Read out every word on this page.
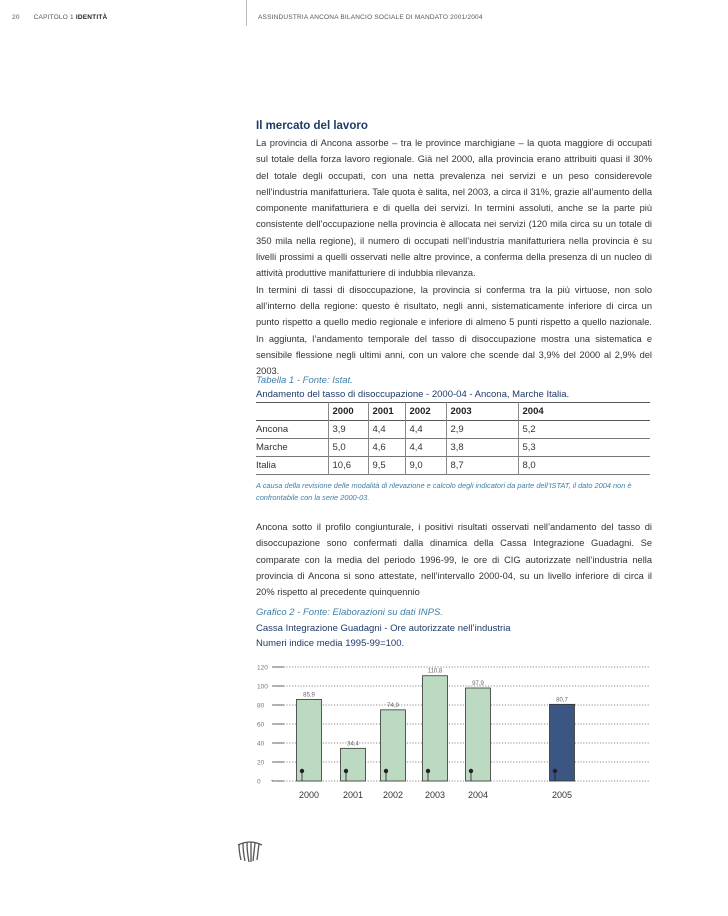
20 CAPITOLO 1 IDENTITÀ	ASSINDUSTRIA ANCONA BILANCIO SOCIALE DI MANDATO 2001/2004
Il mercato del lavoro

La provincia di Ancona assorbe – tra le province marchigiane – la quota maggiore di occupati sul totale della forza lavoro regionale. Già nel 2000, alla provincia erano attribuiti quasi il 30% del totale degli occupati, con una netta prevalenza nei servizi e un peso considerevole nell’industria manifatturiera. Tale quota è salita, nel 2003, a circa il 31%, grazie all’aumento della componente manifatturiera e di quella dei servizi. In termini assoluti, anche se la parte più consistente dell’occupazione nella provincia è allocata nei servizi (120 mila circa su un totale di 350 mila nella regione), il numero di occupati nell’industria manifatturiera nella provincia è su livelli prossimi a quelli osservati nelle altre province, a conferma della presenza di un nucleo di attività produttive manifatturiere di indubbia rilevanza.

In termini di tassi di disoccupazione, la provincia si conferma tra la più virtuose, non solo all’interno della regione: questo è risultato, negli anni, sistematicamente inferiore di circa un punto rispetto a quello medio regionale e inferiore di almeno 5 punti rispetto a quello nazionale. In aggiunta, l’andamento temporale del tasso di disoccupazione mostra una sistematica e sensibile flessione negli ultimi anni, con un valore che scende dal 3,9% del 2000 al 2,9% del 2003.

Tabella 1 - Fonte: Istat.
Andamento del tasso di disoccupazione - 2000-04 - Ancona, Marche Italia.
	2000	2001	2002	2003	2004
Ancona	3,9	4,4	4,4	2,9	5,2
Marche	5,0	4,6	4,4	3,8	5,3
Italia	10,6	9,5	9,0	8,7	8,0
A causa della revisione delle modalità di rilevazione e calcolo degli indicatori da parte dell’ISTAT, il dato 2004 non è confrontabile con la serie 2000-03.

Ancona sotto il profilo congiunturale, i positivi risultati osservati nell’andamento del tasso di disoccupazione sono confermati dalla dinamica della Cassa Integrazione Guadagni. Se comparate con la media del periodo 1996-99, le ore di CIG autorizzate nell’industria nella provincia di Ancona si sono attestate, nell’intervallo 2000-04, su un livello inferiore di circa il 20% rispetto al precedente quinquennio

Grafico 2 - Fonte: Elaborazioni su dati INPS.
Cassa Integrazione Guadagni - Ore autorizzate nell’industria
Numeri indice media 1995-99=100.
0
20
40
60
80
100
120
85,9
2000
34,4
2001
74,9
2002
110,8
2003
97,9
2004
80,7
2005
